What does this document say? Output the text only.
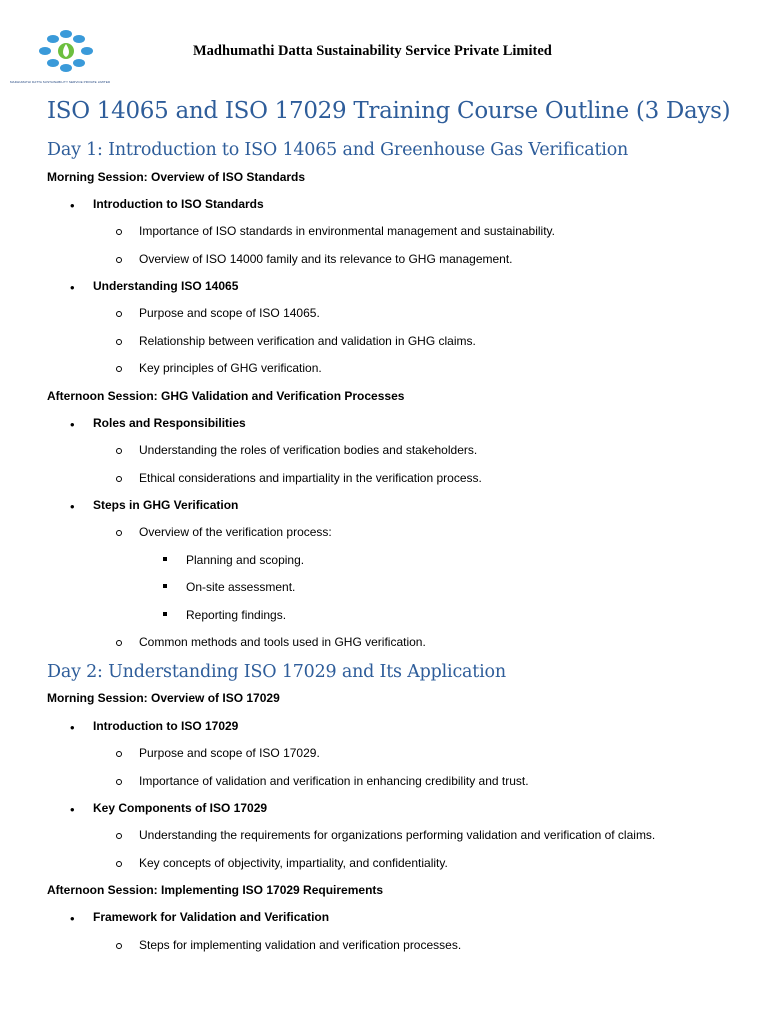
MADHUMATHI DATTA SUSTAINABILITY SERVICE PRIVATE LIMITED
Madhumathi Datta Sustainability Service Private Limited
ISO 14065 and ISO 17029 Training Course Outline (3 Days)
Day 1: Introduction to ISO 14065 and Greenhouse Gas Verification
Morning Session: Overview of ISO Standards
• Introduction to ISO Standards
Importance of ISO standards in environmental management and sustainability.
Overview of ISO 14000 family and its relevance to GHG management.
• Understanding ISO 14065
Purpose and scope of ISO 14065.
Relationship between verification and validation in GHG claims.
Key principles of GHG verification.
Afternoon Session: GHG Validation and Verification Processes
• Roles and Responsibilities
Understanding the roles of verification bodies and stakeholders.
Ethical considerations and impartiality in the verification process.
• Steps in GHG Verification
Overview of the verification process:
Planning and scoping.
On-site assessment.
Reporting findings.
Common methods and tools used in GHG verification.
Day 2: Understanding ISO 17029 and Its Application
Morning Session: Overview of ISO 17029
• Introduction to ISO 17029
Purpose and scope of ISO 17029.
Importance of validation and verification in enhancing credibility and trust.
• Key Components of ISO 17029
Understanding the requirements for organizations performing validation and verification of claims.
Key concepts of objectivity, impartiality, and confidentiality.
Afternoon Session: Implementing ISO 17029 Requirements
• Framework for Validation and Verification
Steps for implementing validation and verification processes.
